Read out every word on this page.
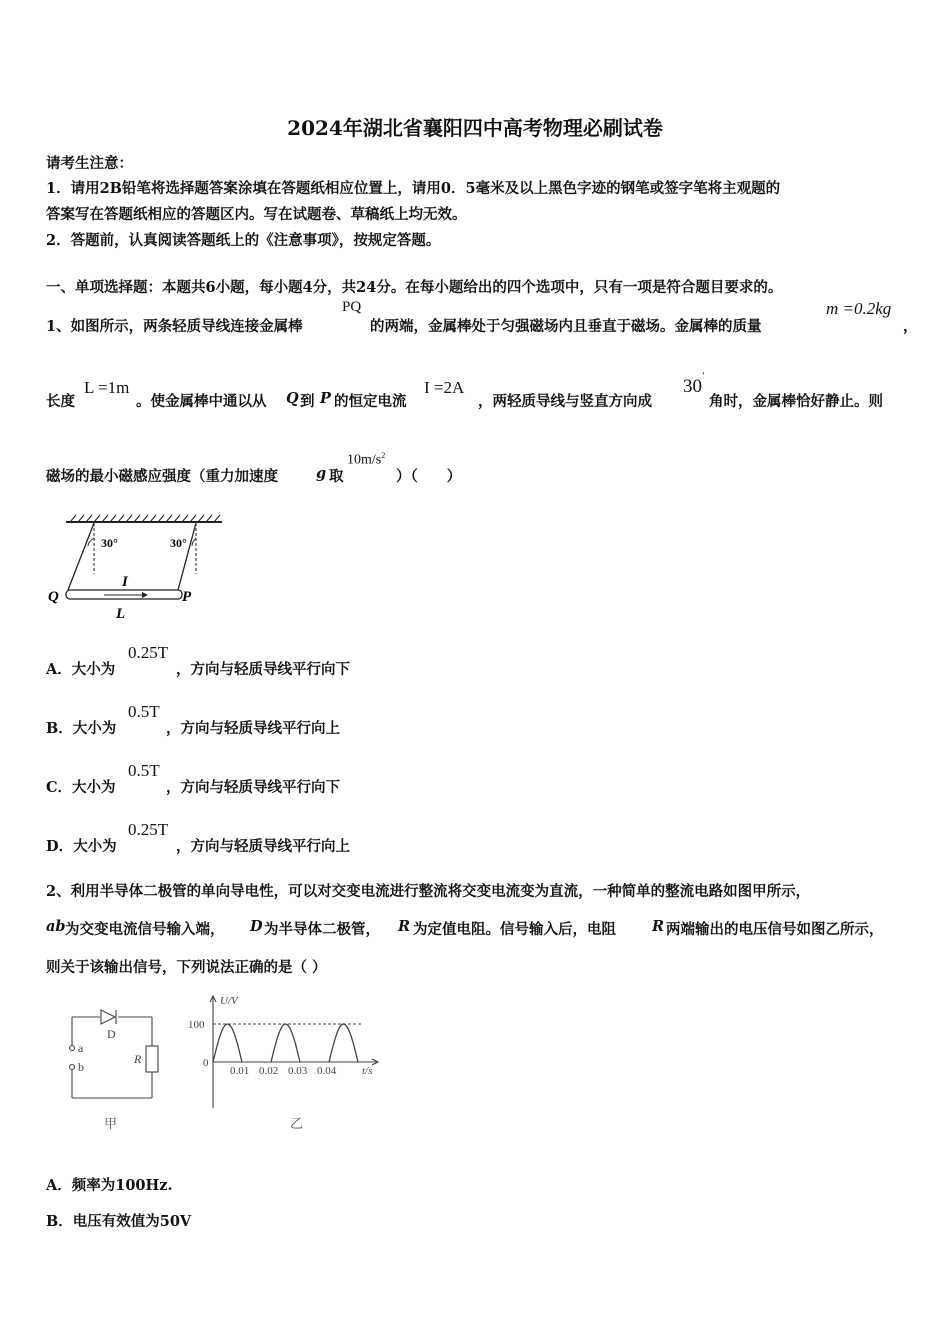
2024年湖北省襄阳四中高考物理必刷试卷
请考生注意：
1．请用2B铅笔将选择题答案涂填在答题纸相应位置上，请用0．5毫米及以上黑色字迹的钢笔或签字笔将主观题的
答案写在答题纸相应的答题区内。写在试题卷、草稿纸上均无效。
2．答题前，认真阅读答题纸上的《注意事项》，按规定答题。
一、单项选择题：本题共6小题，每小题4分，共24分。在每小题给出的四个选项中，只有一项是符合题目要求的。
1、如图所示，两条轻质导线连接金属棒
PQ
的两端，金属棒处于匀强磁场内且垂直于磁场。金属棒的质量
m =0.2kg
，
长度
L =1m
。使金属棒中通以从 Q 到 P 的恒定电流
I =2A
，两轻质导线与竖直方向成
30 '
角时，金属棒恰好静止。则
磁场的最小磁感应强度（重力加速度	g 取
$10m/s^2$
）（　　）
30°	30°
I
L
Q	P
A．大小为
0.25T
，方向与轻质导线平行向下
B．大小为
0.5T
，方向与轻质导线平行向上
C．大小为
0.5T
，方向与轻质导线平行向下
D．大小为
0.25T
，方向与轻质导线平行向上
2、利用半导体二极管的单向导电性，可以对交变电流进行整流将交变电流变为直流，一种简单的整流电路如图甲所示，
ab 为交变电流信号输入端， D 为半导体二极管， R 为定值电阻。信号输入后，电阻 R 两端输出的电压信号如图乙所示，
则关于该输出信号，下列说法正确的是（ ）
D
a
b
R
甲
0.01 0.02 0.03 0.04
U/V
t/s
100
0
乙
A．频率为100Hz.
B．电压有效值为50V
